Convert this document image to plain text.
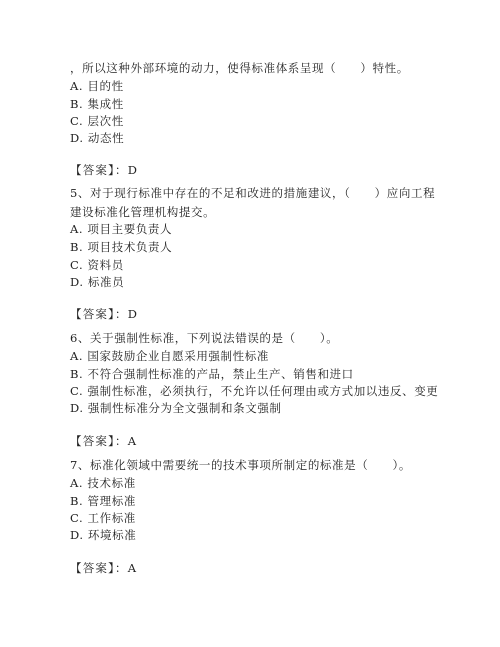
，所以这种外部环境的动力，使得标准体系呈现（　　）特性。
A. 目的性
B. 集成性
C. 层次性
D. 动态性
【答案】：D
5、对于现行标准中存在的不足和改进的措施建议，（　　）应向工程
建设标准化管理机构提交。
A. 项目主要负责人
B. 项目技术负责人
C. 资料员
D. 标准员
【答案】：D
6、关于强制性标准，下列说法错误的是（　　）。
A. 国家鼓励企业自愿采用强制性标准
B. 不符合强制性标准的产品，禁止生产、销售和进口
C. 强制性标准，必须执行，不允许以任何理由或方式加以违反、变更
D. 强制性标准分为全文强制和条文强制
【答案】：A
7、标准化领域中需要统一的技术事项所制定的标准是（　　）。
A. 技术标准
B. 管理标准
C. 工作标准
D. 环境标准
【答案】：A
